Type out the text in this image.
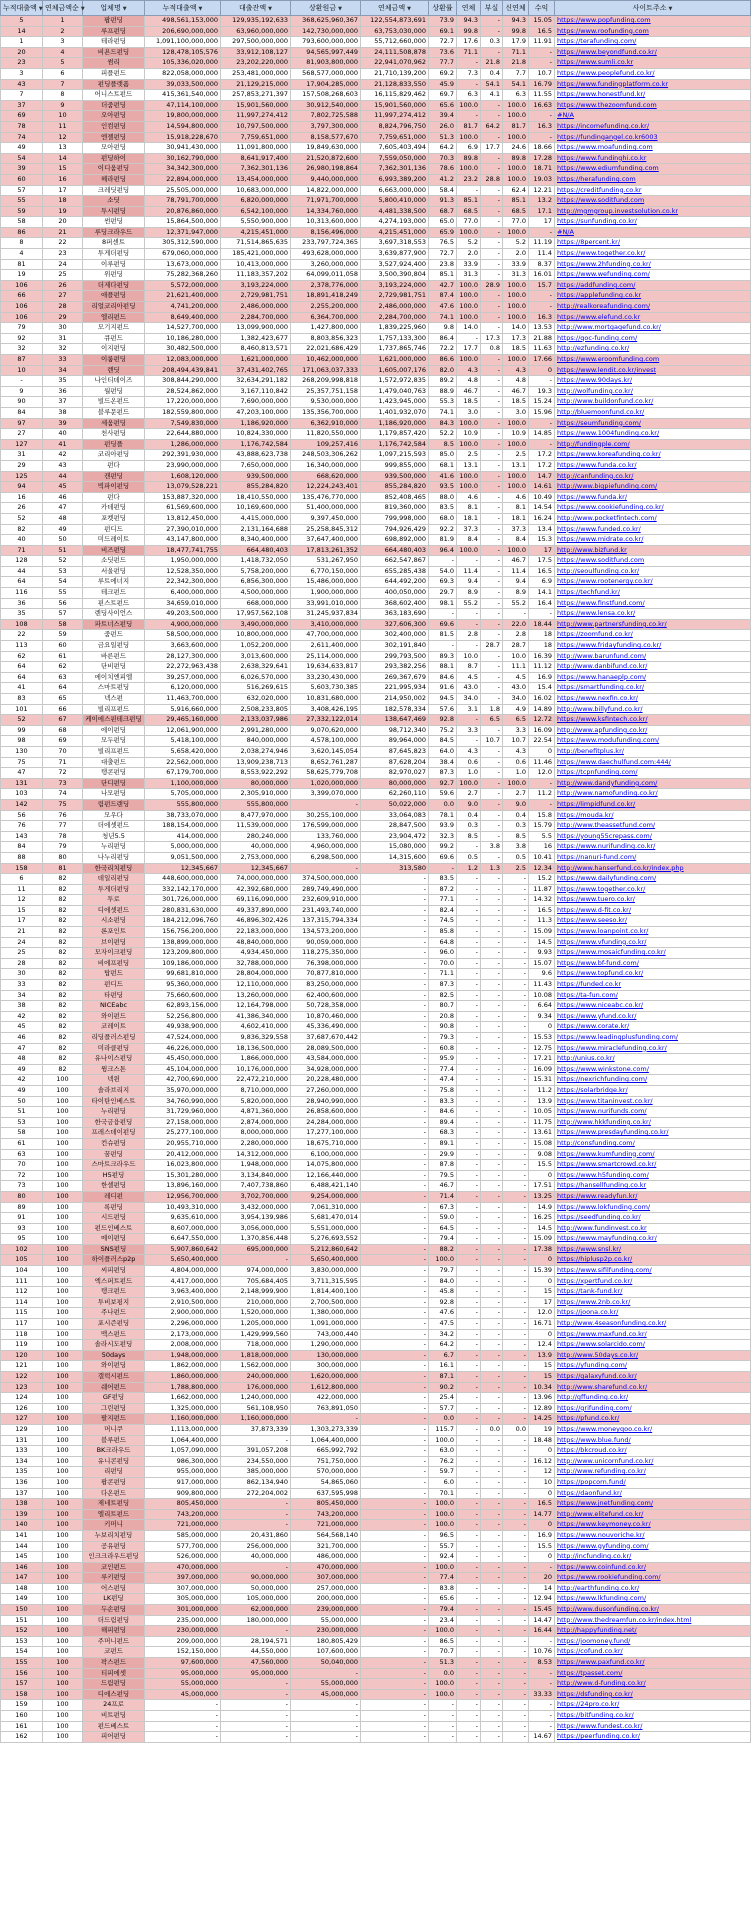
누적대출액 ▼	연체금액순 ▼	업체명 ▼	누적대출액 ▼	대출잔액 ▼	상환원금 ▼	연체금액 ▼	상환률	연체	부실	신연체	수익	사이트주소 ▼
5	1	팝펀딩	498,561,153,000	129,935,192,633	368,625,960,367	122,554,873,691	73.9	94.3	-	94.3	15.05	https://www.popfunding.com
14	2	루프펀딩	206,690,000,000	63,960,000,000	142,730,000,000	63,753,030,000	69.1	99.8	-	99.8	16.5	https://www.roofunding.com
1	3	테라펀딩	1,091,100,000,000	297,500,000,000	793,600,000,000	55,712,660,000	72.7	17.6	0.3	17.9	11.91	https://terafunding.com/
20	4	비욘드펀딩	128,478,105,576	33,912,108,127	94,565,997,449	24,111,508,878	73.6	71.1	-	71.1	-	https://www.beyondfund.co.kr/
23	5	썸리	105,336,020,000	23,202,220,000	81,903,800,000	22,941,070,962	77.7	-	21.8	21.8	-	https://www.sumli.co.kr
3	6	피플펀드	822,058,000,000	253,481,000,000	568,577,000,000	21,710,139,200	69.2	7.3	0.4	7.7	10.7	https://www.peoplefund.co.kr/
43	7	펀딩플랫폼	39,033,500,000	21,129,215,000	17,904,285,000	21,128,833,550	45.9	-	54.1	54.1	16.79	https://www.fundingplatform.co.kr
7	8	어니스트펀드	415,361,540,000	257,853,271,397	157,508,268,603	16,115,829,462	69.7	6.3	4.1	6.3	11.55	https://www.honestfund.kr/
37	9	더줌펀딩	47,114,100,000	15,901,560,000	30,912,540,000	15,901,560,000	65.6	100.0	-	100.0	16.63	https://www.thezoomfund.com
69	10	오아펀딩	19,800,000,000	11,997,274,412	7,802,725,588	11,997,274,412	39.4	-	-	100.0	-	#N/A
78	11	인컴펀딩	14,594,800,000	10,797,500,000	3,797,300,000	8,824,796,750	26.0	81.7	64.2	81.7	16.3	https://incomefunding.co.kr/
74	12	엔젤펀딩	15,918,228,670	7,759,651,000	8,158,577,670	7,759,651,000	51.3	100.0	-	100.0	-	https://fundingangel.co.kr6003
49	13	모아펀딩	30,941,430,000	11,091,800,000	19,849,630,000	7,605,403,494	64.2	6.9	17.7	24.6	18.66	https://www.moafunding.com
54	14	펀딩하이	30,162,790,000	8,641,917,400	21,520,872,600	7,559,050,000	70.3	89.8	-	89.8	17.28	https://www.fundinghi.co.kr
39	15	이디움펀딩	34,342,300,000	7,362,301,136	26,980,198,864	7,362,301,136	78.6	100.0	-	100.0	18.71	https://www.ediumfunding.com
60	16	헤라펀딩	22,894,000,000	13,454,000,000	9,440,000,000	6,993,389,200	41.2	23.2	28.8	100.0	19.03	https://herafunding.com
57	17	크레딧펀딩	25,505,000,000	10,683,000,000	14,822,000,000	6,663,000,000	58.4	-	-	62.4	12.21	https://creditfunding.co.kr
55	18	소딧	78,791,700,000	6,820,000,000	71,971,700,000	5,800,410,000	91.3	85.1	-	85.1	13.2	https://www.soditfund.com
59	19	투시펀딩	20,876,860,000	6,542,100,000	14,334,760,000	4,481,338,500	68.7	68.5	-	68.5	17.1	http://mgmgroup.investsolution.co.kr
58	20	썬펀딩	15,864,500,000	5,550,900,000	10,313,600,000	4,274,193,000	65.0	77.0	-	77.0	17	https://sunfunding.co.kr/
86	21	루딩크라우드	12,371,947,000	4,215,451,000	8,156,496,000	4,215,451,000	65.9	100.0	-	100.0	-	#N/A
8	22	8퍼센트	305,312,590,000	71,514,865,635	233,797,724,365	3,697,318,553	76.5	5.2	-	5.2	11.19	https://8percent.kr/
4	23	투게더펀딩	679,060,000,000	185,421,000,000	493,628,000,000	3,639,877,900	72.7	2.0	-	2.0	11.4	https://www.together.co.kr/
81	24	이루펀딩	13,673,000,000	10,413,000,000	3,260,000,000	3,527,924,400	23.8	33.9	-	33.9	8.37	https://www.2hfunding.co.kr/
19	25	위펀딩	75,282,368,260	11,183,357,202	64,099,011,058	3,500,390,804	85.1	31.3	-	31.3	16.01	https://www.wefunding.com/
106	26	더제다펀딩	5,572,000,000	3,193,224,000	2,378,776,000	3,193,224,000	42.7	100.0	28.9	100.0	15.7	https://addfunding.com/
66	27	애플펀딩	21,621,400,000	2,729,981,751	18,891,418,249	2,729,981,751	87.4	100.0	-	100.0	-	https://applefunding.co.kr
106	28	리얼코리아펀딩	4,741,200,000	2,486,000,000	2,255,200,000	2,486,000,000	47.6	100.0	-	100.0	-	http://realkoreafunding.com/
106	29	엘리펀드	8,649,400,000	2,284,700,000	6,364,700,000	2,284,700,000	74.1	100.0	-	100.0	16.3	https://www.elefund.co.kr
79	30	모기지펀드	14,527,700,000	13,099,900,000	1,427,800,000	1,839,225,960	9.8	14.0	-	14.0	13.53	http://www.mortgagefund.co.kr/
92	31	큐펀드	10,186,280,000	1,382,423,677	8,803,856,323	1,757,133,300	86.4	-	17.3	17.3	21.88	https://qoc-funding.com/
32	32	이지펀딩	30,482,500,000	8,460,813,571	22,021,686,429	1,737,865,746	72.2	17.7	0.8	18.5	11.63	http://ezfunding.co.kr/
87	33	이룸펀딩	12,083,000,000	1,621,000,000	10,462,000,000	1,621,000,000	86.6	100.0	-	100.0	17.66	https://www.eroomfunding.com
10	34	렌딧	208,494,439,841	37,431,402,765	171,063,037,333	1,605,007,176	82.0	4.3	-	4.3	0	https://www.lendit.co.kr/invest
-	35	나인티데이즈	308,844,290,000	32,634,291,182	268,209,998,818	1,572,972,835	89.2	4.8	-	4.8	-	https://www.90days.kr/
9	36	월펀딩	28,524,862,000	3,167,110,842	25,357,751,158	1,479,040,763	88.9	46.7	-	46.7	19.3	http://wolfunding.co.kr/
90	37	빌드온펀드	17,220,000,000	7,690,000,000	9,530,000,000	1,423,945,000	55.3	18.5	-	18.5	15.24	http://www.buildonfund.co.kr/
84	38	블루문펀드	182,559,800,000	47,203,100,000	135,356,700,000	1,401,932,070	74.1	3.0	-	3.0	15.96	http://bluemoonfund.co.kr/
97	39	세움펀딩	7,549,830,000	1,186,920,000	6,362,910,000	1,186,920,000	84.3	100.0	-	100.0	-	https://seumfunding.com/
27	40	천사펀딩	22,644,880,000	10,824,330,000	11,820,550,000	1,179,857,420	52.2	10.9	-	10.9	14.85	https://www.1004funding.co.kr/
127	41	펀딩플	1,286,000,000	1,176,742,584	109,257,416	1,176,742,584	8.5	100.0	-	100.0	-	http://fundingple.com/
31	42	코리아펀딩	292,391,930,000	43,888,623,738	248,503,306,262	1,097,215,593	85.0	2.5	-	2.5	17.2	https://www.koreafunding.co.kr/
29	43	펀다	23,990,000,000	7,650,000,000	16,340,000,000	999,855,000	68.1	13.1	-	13.1	17.2	https://www.funda.co.kr/
125	44	캔펀딩	1,608,120,000	939,500,000	668,620,000	939,500,000	41.6	100.0	-	100.0	14.7	http://canfunding.co.kr/
94	45	빅파이펀딩	13,079,528,221	855,284,820	12,224,243,401	855,284,820	93.5	100.0	-	100.0	14.61	http://www.bigpiefunding.com/
16	46	펀다	153,887,320,000	18,410,550,000	135,476,770,000	852,408,465	88.0	4.6	-	4.6	10.49	https://www.funda.kr/
26	47	카데펀딩	61,569,600,000	10,169,600,000	51,400,000,000	819,360,000	83.5	8.1	-	8.1	14.54	https://www.cookiefunding.co.kr/
52	48	포켓펀딩	13,812,450,000	4,415,000,000	9,397,450,000	799,998,000	68.0	18.1	-	18.1	16.24	http://www.pocketfintech.com/
82	49	펀디드	27,390,010,000	2,131,164,688	25,258,845,312	794,926,429	92.2	37.3	-	37.3	13.4	https://www.funded.co.kr/
40	50	미드레이트	43,147,800,000	8,340,400,000	37,647,400,000	698,892,000	81.9	8.4	-	8.4	15.3	https://www.midrate.co.kr/
71	51	비즈펀딩	18,477,741,755	664,480,403	17,813,261,352	664,480,403	96.4	100.0	-	100.0	17	http://www.bizfund.kr
128	52	소딧펀드	1,950,000,000	1,418,732,050	531,267,950	662,547,867	-	-	-	46.7	17.5	https://www.soditfund.com
44	53	서울펀딩	12,528,350,000	5,758,200,000	6,770,150,000	655,285,438	54.0	11.4	-	11.4	16.5	http://seoulfunding.co.kr/
64	54	루트에너지	22,342,300,000	6,856,300,000	15,486,000,000	644,492,200	69.3	9.4	-	9.4	6.9	https://www.rootenergy.co.kr/
116	55	테크펀드	6,400,000,000	4,500,000,000	1,900,000,000	400,050,000	29.7	8.9	-	8.9	14.1	https://techfund.kr/
36	56	핀스트펀드	34,659,010,000	668,000,000	33,991,010,000	368,602,400	98.1	55.2	-	55.2	16.4	https://www.finstfund.com/
35	57	렌딩사이언스	49,203,500,000	17,957,562,108	31,245,937,834	363,183,690	-	-	-	-	-	https://www.lensa.co.kr/
108	58	파트너스펀딩	4,900,000,000	3,490,000,000	3,410,000,000	327,606,300	69.6	-	-	22.0	18.44	http://www.partnersfunding.co.kr/
22	59	줌펀드	58,500,000,000	10,800,000,000	47,700,000,000	302,400,000	81.5	2.8	-	2.8	18	https://zoomfund.co.kr/
113	60	금요일펀딩	3,663,600,000	1,052,200,000	2,611,400,000	302,191,840	-	-	28.7	28.7	18	https://www.fridayfunding.co.kr/
62	61	바른펀드	28,127,300,000	3,013,600,000	25,114,000,000	299,793,500	89.3	10.0	-	10.0	16.39	http://www.barunfund.com/
64	62	단비펀딩	22,272,963,438	2,638,329,641	19,634,633,817	293,382,256	88.1	8.7	-	11.1	11.12	http://www.danbifund.co.kr/
64	63	에이치엔피엘	39,257,000,000	6,026,570,000	33,230,430,000	269,367,679	84.6	4.5	-	4.5	16.9	https://www.hanaeplp.com/
41	64	스마트펀딩	6,120,000,000	516,269,615	5,603,730,385	221,995,934	91.6	43.0	-	43.0	15.4	https://smartfunding.co.kr/
83	65	넥스펀	11,463,700,000	632,020,000	10,831,680,000	214,950,002	94.5	34.0	-	34.0	16.02	https://www.nexfin.co.kr/
101	66	빌리프펀드	5,916,660,000	2,508,233,805	3,408,426,195	182,578,334	57.6	3.1	1.8	4.9	14.89	http://www.billyfund.co.kr/
52	67	케이에스핀테크펀딩	29,465,160,000	2,133,037,986	27,332,122,014	138,647,469	92.8	-	6.5	6.5	12.72	https://www.ksfintech.co.kr/
99	68	에이펀딩	12,061,900,000	2,991,280,000	9,070,620,000	98,712,340	75.2	3.3	-	3.3	16.09	http://www.apfunding.co.kr/
98	69	모두펀딩	5,418,100,000	840,000,000	4,578,100,000	89,964,000	84.5	-	10.7	10.7	22.54	https://www.modufunding.com/
130	70	빌리프펀드	5,658,420,000	2,038,274,946	3,620,145,054	87,645,823	64.0	4.3	-	4.3	0	http://benefitplus.kr/
75	71	대출펀드	22,562,000,000	13,909,238,713	8,652,761,287	87,628,204	38.4	0.6	-	0.6	11.46	https://www.daechulfund.com:444/
47	72	탱콘펀딩	67,179,700,000	8,553,922,292	58,625,779,708	82,970,027	87.3	1.0	-	1.0	12.0	https://tcpnfunding.com/
131	73	단디펀딩	1,100,000,000	80,000,000	1,020,000,000	80,000,000	92.7	100.0	-	100.0	-	http://www.dandyfunding.com/
103	74	나모펀딩	5,705,000,000	2,305,910,000	3,399,070,000	62,260,110	59.6	2.7	-	2.7	11.2	http://www.namofunding.co.kr/
142	75	림펀드랜딩	555,800,000	555,800,000	-	50,022,000	0.0	9.0	-	9.0	-	https://limpidfund.co.kr/
56	76	모우다	38,733,070,000	8,477,970,000	30,255,100,000	33,064,083	78.1	0.4	-	0.4	15.8	https://mouda.kr/
76	77	더에셋펀드	188,154,000,000	11,539,000,000	176,599,000,000	28,847,500	93.9	0.3	-	0.3	15.79	http://www.theassetfund.com/
143	78	청년5.5	414,000,000	280,240,000	133,760,000	23,904,472	32.3	8.5	-	8.5	5.5	https://young55crepass.com/
84	79	누리펀딩	5,000,000,000	40,000,000	4,960,000,000	15,080,000	99.2	-	3.8	3.8	16	https://www.nurifunding.co.kr/
88	80	나누리펀딩	9,051,500,000	2,753,000,000	6,298,500,000	14,315,600	69.6	0.5	-	0.5	10.41	https://nanuri-fund.com/
158	81	한국리치펀딩	12,345,667	12,345,667	-	313,580	-	1.2	1.3	2.5	12.34	http://www.hanserfund.co.kr/index.php
6	82	데일리펀딩	448,600,000,000	74,000,000,000	374,500,000,000	-	83.5	-	-	-	15.2	https://www.dailyfunding.com/
11	82	투게더펀딩	332,142,170,000	42,392,680,000	289,749,490,000	-	87.2	-	-	-	11.87	https://www.together.co.kr/
12	82	투로	301,726,000,000	69,116,090,000	232,609,910,000	-	77.1	-	-	-	14.32	https://www.tuero.co.kr/
15	82	디에셋펀드	280,831,630,000	49,337,890,000	231,493,740,000	-	82.4	-	-	-	16.5	https://www.d-fit.co.kr/
17	82	시소펀딩	184,212,096,760	46,896,302,426	137,315,794,334	-	74.5	-	-	-	11.3	https://www.seeso.kr/
21	82	론포인트	156,756,200,000	22,183,000,000	134,573,200,000	-	85.8	-	-	-	15.09	https://www.loanpoint.co.kr/
24	82	브이펀딩	138,899,000,000	48,840,000,000	90,059,000,000	-	64.8	-	-	-	14.5	https://www.vfunding.co.kr/
25	82	모자이크펀딩	123,209,800,000	4,934,450,000	118,275,350,000	-	96.0	-	-	-	9.93	https://www.mosaicfunding.co.kr/
28	82	비에프펀딩	109,186,000,000	32,788,000,000	76,398,000,000	-	70.0	-	-	-	15.07	https://www.bf-fund.com/
30	82	탑펀드	99,681,810,000	28,804,000,000	70,877,810,000	-	71.1	-	-	-	9.6	https://www.topfund.co.kr/
33	82	펀디드	95,360,000,000	12,110,000,000	83,250,000,000	-	87.3	-	-	-	11.43	https://funded.co.kr
34	82	타펀딩	75,660,600,000	13,260,000,000	62,400,600,000	-	82.5	-	-	-	10.08	https://ta-fun.com/
38	82	NICEabc	62,893,156,000	12,164,798,000	50,728,358,000	-	80.7	-	-	-	6.64	https://www.niceabc.co.kr/
42	82	와이펀드	52,256,800,000	41,386,340,000	10,870,460,000	-	20.8	-	-	-	9.34	https://www.yfund.co.kr/
45	82	코레이트	49,938,900,000	4,602,410,000	45,336,490,000	-	90.8	-	-	-	0	https://www.corate.kr/
46	82	리딩플러스펀딩	47,524,000,000	9,836,329,558	37,687,670,442	-	79.3	-	-	-	15.53	https://www.leadingplusfunding.com/
47	82	미라클펀딩	46,226,000,000	18,136,500,000	28,089,500,000	-	60.8	-	-	-	12.75	https://www.miraclefunding.co.kr/
48	82	유나이스펀딩	45,450,000,000	1,866,000,000	43,584,000,000	-	95.9	-	-	-	17.21	http://unius.co.kr/
49	82	윙크스톤	45,104,000,000	10,176,000,000	34,928,000,000	-	77.4	-	-	-	16.09	https://www.winkstone.com/
42	100	넥윈	42,700,690,000	22,472,210,000	20,228,480,000	-	47.4	-	-	-	15.31	https://nexrichfunding.com/
49	100	솔라브리지	35,970,000,000	8,710,000,000	27,260,000,000	-	75.8	-	-	-	11.2	https://solarbridge.kr/
50	100	타이탄인베스트	34,760,990,000	5,820,000,000	28,940,990,000	-	83.3	-	-	-	13.9	https://www.titaninvest.co.kr/
51	100	누리펀딩	31,729,960,000	4,871,360,000	26,858,600,000	-	84.6	-	-	-	10.05	https://www.nurifunds.com/
53	100	한국금융펀딩	27,158,000,000	2,874,000,000	24,284,000,000	-	89.4	-	-	-	11.75	http://www.hkkfunding.co.kr/
58	100	프레스데이펀딩	25,277,100,000	8,000,000,000	17,277,100,000	-	68.3	-	-	-	13.61	https://www.presdayfunding.co.kr/
61	100	컨슈펀딩	20,955,710,000	2,280,000,000	18,675,710,000	-	89.1	-	-	-	15.08	http://consfunding.com/
63	100	꿈펀딩	20,412,000,000	14,312,000,000	6,100,000,000	-	29.9	-	-	-	9.08	https://www.kumfunding.com/
70	100	스마트크라우드	16,023,800,000	1,948,000,000	14,075,800,000	-	87.8	-	-	-	15.5	https://www.smartcrowd.co.kr/
72	100	H5펀딩	15,301,280,000	3,134,840,000	12,166,440,000	-	79.5	-	-	-	0	https://www.h5funding.com/
73	100	한셀펀딩	13,896,160,000	7,407,738,860	6,488,421,140	-	46.7	-	-	-	17.51	https://hansellfunding.co.kr
80	100	레디펀	12,956,700,000	3,702,700,000	9,254,000,000	-	71.4	-	-	-	13.25	https://www.readyfun.kr/
89	100	록펀딩	10,493,310,000	3,432,000,000	7,061,310,000	-	67.3	-	-	-	14.9	https://www.lokfunding.com/
91	100	시드펀딩	9,635,610,000	3,954,139,986	5,681,470,014	-	59.0	-	-	-	16.25	https://seedfunding.co.kr/
93	100	펀드인베스트	8,607,000,000	3,056,000,000	5,551,000,000	-	64.5	-	-	-	14.5	http://www.fundinvest.co.kr
95	100	메이펀딩	6,647,550,000	1,370,856,448	5,276,693,552	-	79.4	-	-	-	15.09	https://www.mayfunding.co.kr/
102	100	SNS펀딩	5,907,860,642	695,000,000	5,212,860,642	-	88.2	-	-	-	17.38	https://www.snsl.kr/
105	100	하이플러스p2p	5,650,400,000	-	5,650,400,000	-	100.0	-	-	-	0	https://hiplusp2p.co.kr/
104	100	씨피펀딩	4,804,000,000	974,000,000	3,830,000,000	-	79.7	-	-	-	15.39	https://www.sifilfunding.com/
111	100	엑스퍼트펀드	4,417,000,000	705,684,405	3,711,315,595	-	84.0	-	-	-	0	https://xpertfund.co.kr/
112	100	탱크펀드	3,963,400,000	2,148,999,900	1,814,400,100	-	45.8	-	-	-	15	https://tank-fund.kr/
114	100	투비보핑지	2,910,500,000	210,000,000	2,700,500,000	-	92.8	-	-	-	17	https://www.2nb.co.kr/
115	100	주나펀드	2,900,000,000	1,520,000,000	1,380,000,000	-	47.6	-	-	-	12.0	https://joona.co.kr/
117	100	포시즌펀딩	2,296,000,000	1,205,000,000	1,091,000,000	-	47.5	-	-	-	16.71	http://www.4seasonfunding.co.kr/
118	100	맥스펀드	2,173,000,000	1,429,999,560	743,000,440	-	34.2	-	-	-	0	https://www.maxfund.co.kr/
119	100	솔라시도펀딩	2,008,000,000	718,000,000	1,290,000,000	-	64.2	-	-	-	12.4	https://www.solarcido.com/
120	100	50days	1,948,000,000	1,818,000,000	130,000,000	-	6.7	-	-	-	13.9	http://www.50days.co.kr/
121	100	와이펀딩	1,862,000,000	1,562,000,000	300,000,000	-	16.1	-	-	-	15	https://yfunding.com/
122	100	갤럭시펀드	1,860,000,000	240,000,000	1,620,000,000	-	87.1	-	-	-	15	https://galaxyfund.co.kr/
123	100	쉐어펀드	1,788,800,000	176,000,000	1,612,800,000	-	90.2	-	-	-	10.34	http://www.sharefund.co.kr/
124	100	GF펀딩	1,662,000,000	1,240,000,000	422,000,000	-	25.4	-	-	-	13.96	http://gffunding.co.kr/
126	100	그린펀딩	1,325,000,000	561,108,950	763,891,050	-	57.7	-	-	-	12.89	https://grifunding.com/
127	100	팔지펀드	1,160,000,000	1,160,000,000	-	-	0.0	-	-	-	14.25	https://pfund.co.kr/
129	100	머니쿠	1,113,000,000	37,873,339	1,303,273,339	-	115.7	-	0.0	0.0	19	https://www.moneyqoo.co.kr/
131	100	블루펀드	1,064,400,000	-	1,064,400,000	-	100.0	-	-	-	18.48	https://www.blue.fund/
133	100	BK크라우드	1,057,090,000	391,057,208	665,992,792	-	63.0	-	-	-	0	https://bkcroud.co.kr/
134	100	유니콘펀딩	986,300,000	234,550,000	751,750,000	-	76.2	-	-	-	16.12	http://www.unicornfund.co.kr/
135	100	리펀딩	955,000,000	385,000,000	570,000,000	-	59.7	-	-	-	12	http://www.refunding.co.kr/
136	100	팝콘펀딩	917,000,000	862,134,940	54,865,060	-	6.0	-	-	-	10	https://popcorn.fund/
137	100	다온펀드	909,800,000	272,204,002	637,595,998	-	70.1	-	-	-	0	https://daonfund.kr/
138	100	제네트펀딩	805,450,000	-	805,450,000	-	100.0	-	-	-	16.5	https://www.jnetfunding.com/
139	100	엘리트펀드	743,200,000	-	743,200,000	-	100.0	-	-	-	14.77	http://www.elitefund.co.kr/
140	100	키머니	721,000,000	-	721,000,000	-	100.0	-	-	-	0	https://www.keymoney.co.kr/
141	100	누보리치펀딩	585,000,000	20,431,860	564,568,140	-	96.5	-	-	-	16.9	https://www.nouvoriche.kr/
144	100	공유펀딩	577,700,000	256,000,000	321,700,000	-	55.7	-	-	-	15.5	https://www.gyfunding.com/
145	100	인크크라우드펀딩	526,000,000	40,000,000	486,000,000	-	92.4	-	-	-	0	http://incfunding.co.kr/
146	100	코인펀드	470,000,000	-	470,000,000	-	100.0	-	-	-	-	https://www.coinfund.co.kr/
147	100	루키펀딩	397,000,000	90,000,000	307,000,000	-	77.4	-	-	-	20	https://www.rookiefunding.com/
148	100	어스펀딩	307,000,000	50,000,000	257,000,000	-	83.8	-	-	-	14	http://earthfunding.co.kr/
149	100	LK펀딩	305,000,000	105,000,000	200,000,000	-	65.6	-	-	-	12.94	https://www.lkfunding.com/
150	100	두손펀딩	301,000,000	62,000,000	239,000,000	-	79.4	-	-	-	15.45	http://www.dusonfunding.co.kr/
151	100	더드림펀딩	235,000,000	180,000,000	55,000,000	-	23.4	-	-	-	14.47	http://www.thedreamfun.co.kr/index.html
152	100	해피펀딩	230,000,000	-	230,000,000	-	100.0	-	-	-	16.44	http://happyfunding.net/
153	100	주머니펀드	209,000,000	28,194,571	180,805,429	-	86.5	-	-	-	-	https://joomoney.fund/
154	100	코펀드	152,150,000	44,550,000	107,600,000	-	70.7	-	-	-	10.76	https://cofund.co.kr/
155	100	팍스펀드	97,600,000	47,560,000	50,040,000	-	51.3	-	-	-	8.53	https://www.paxfund.co.kr/
156	100	티피에셋	95,000,000	95,000,000	-	-	0.0	-	-	-	-	https://tpasset.com/
157	100	드림펀딩	55,000,000	-	55,000,000	-	100.0	-	-	-	-	http://www.d-funding.co.kr/
158	100	디에스펀딩	45,000,000	-	45,000,000	-	100.0	-	-	-	33.33	https://dsfunding.co.kr/
159	100	24프로	-	-	-	-	-	-	-	-	-	https://24pro.co.kr/
160	100	비트펀딩	-	-	-	-	-	-	-	-	-	https://bitfunding.co.kr/
161	100	펀드베스트	-	-	-	-	-	-	-	-	-	https://www.fundest.co.kr/
162	100	피어펀딩	-	-	-	-	-	-	-	-	14.67	https://peerfunding.co.kr/
